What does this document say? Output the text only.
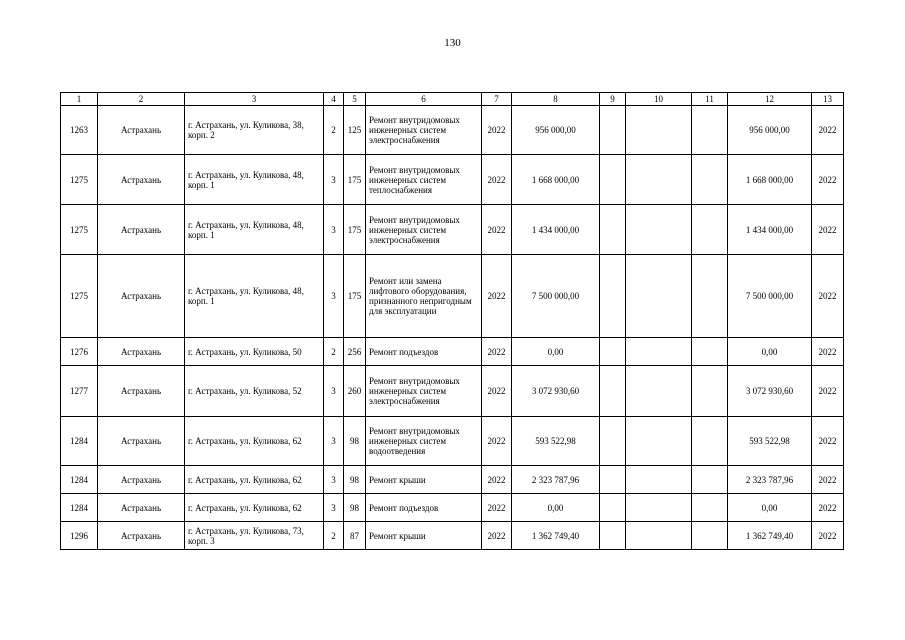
130
1	2	3	4	5	6	7	8	9	10	11	12	13
1263	Астрахань	г. Астрахань, ул. Куликова, 38, корп. 2	2	125	Ремонт внутридомовых инженерных систем электроснабжения	2022	956 000,00				956 000,00	2022
1275	Астрахань	г. Астрахань, ул. Куликова, 48, корп. 1	3	175	Ремонт внутридомовых инженерных систем теплоснабжения	2022	1 668 000,00				1 668 000,00	2022
1275	Астрахань	г. Астрахань, ул. Куликова, 48, корп. 1	3	175	Ремонт внутридомовых инженерных систем электроснабжения	2022	1 434 000,00				1 434 000,00	2022
1275	Астрахань	г. Астрахань, ул. Куликова, 48, корп. 1	3	175	Ремонт или замена лифтового оборудования, признанного непригодным для эксплуатации	2022	7 500 000,00				7 500 000,00	2022
1276	Астрахань	г. Астрахань, ул. Куликова, 50	2	256	Ремонт подъездов	2022	0,00				0,00	2022
1277	Астрахань	г. Астрахань, ул. Куликова, 52	3	260	Ремонт внутридомовых инженерных систем электроснабжения	2022	3 072 930,60				3 072 930,60	2022
1284	Астрахань	г. Астрахань, ул. Куликова, 62	3	98	Ремонт внутридомовых инженерных систем водоотведения	2022	593 522,98				593 522,98	2022
1284	Астрахань	г. Астрахань, ул. Куликова, 62	3	98	Ремонт крыши	2022	2 323 787,96				2 323 787,96	2022
1284	Астрахань	г. Астрахань, ул. Куликова, 62	3	98	Ремонт подъездов	2022	0,00				0,00	2022
1296	Астрахань	г. Астрахань, ул. Куликова, 73, корп. 3	2	87	Ремонт крыши	2022	1 362 749,40				1 362 749,40	2022
